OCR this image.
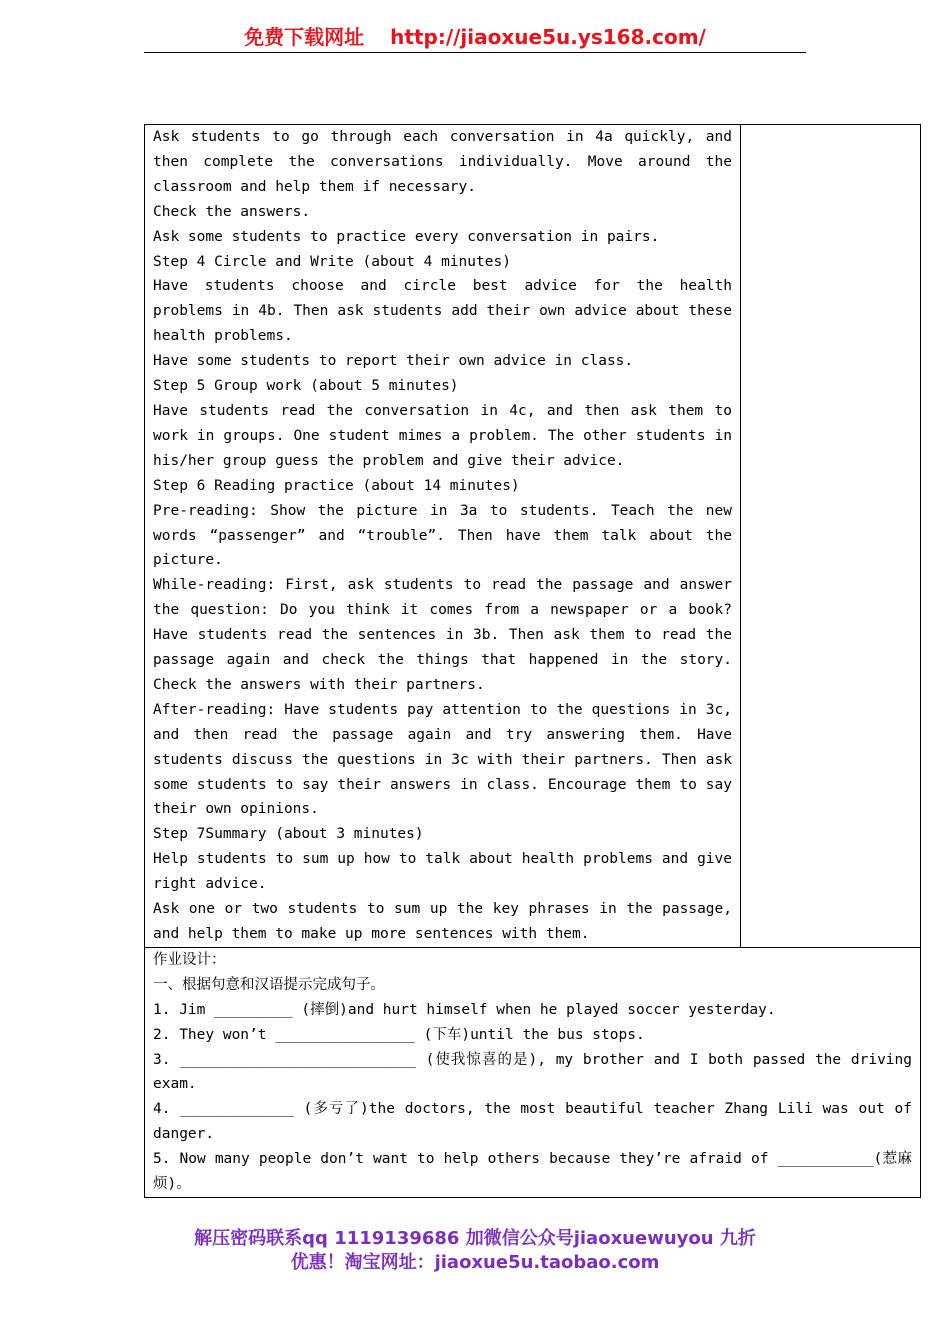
免费下载网址 http://jiaoxue5u.ys168.com/
Ask students to go through each conversation in 4a quickly, and then complete the conversations individually. Move around the classroom and help them if necessary.
Check the answers.
Ask some students to practice every conversation in pairs.
Step 4 Circle and Write (about 4 minutes)
Have students choose and circle best advice for the health problems in 4b. Then ask students add their own advice about these health problems.
Have some students to report their own advice in class.
Step 5 Group work (about 5 minutes)
Have students read the conversation in 4c, and then ask them to work in groups. One student mimes a problem. The other students in his/her group guess the problem and give their advice.
Step 6 Reading practice (about 14 minutes)
Pre-reading: Show the picture in 3a to students. Teach the new words “passenger” and “trouble”. Then have them talk about the picture.
While-reading: First, ask students to read the passage and answer the question: Do you think it comes from a newspaper or a book? Have students read the sentences in 3b. Then ask them to read the passage again and check the things that happened in the story. Check the answers with their partners.
After-reading: Have students pay attention to the questions in 3c, and then read the passage again and try answering them. Have students discuss the questions in 3c with their partners. Then ask some students to say their answers in class. Encourage them to say their own opinions.
Step 7Summary (about 3 minutes)
Help students to sum up how to talk about health problems and give right advice.
Ask one or two students to sum up the key phrases in the passage, and help them to make up more sentences with them.

作业设计：
一、根据句意和汉语提示完成句子。
1. Jim _________ (摔倒)and hurt himself when he played soccer yesterday.
2. They won’t ________________ (下车)until the bus stops.
3. ___________________________ (使我惊喜的是), my brother and I both passed the driving exam.
4. _____________ (多亏了)the doctors, the most beautiful teacher Zhang Lili was out of danger.
5. Now many people don’t want to help others because they’re afraid of ___________(惹麻烦)。
解压密码联系qq 1119139686 加微信公众号jiaoxuewuyou 九折
优惠！淘宝网址：jiaoxue5u.taobao.com
